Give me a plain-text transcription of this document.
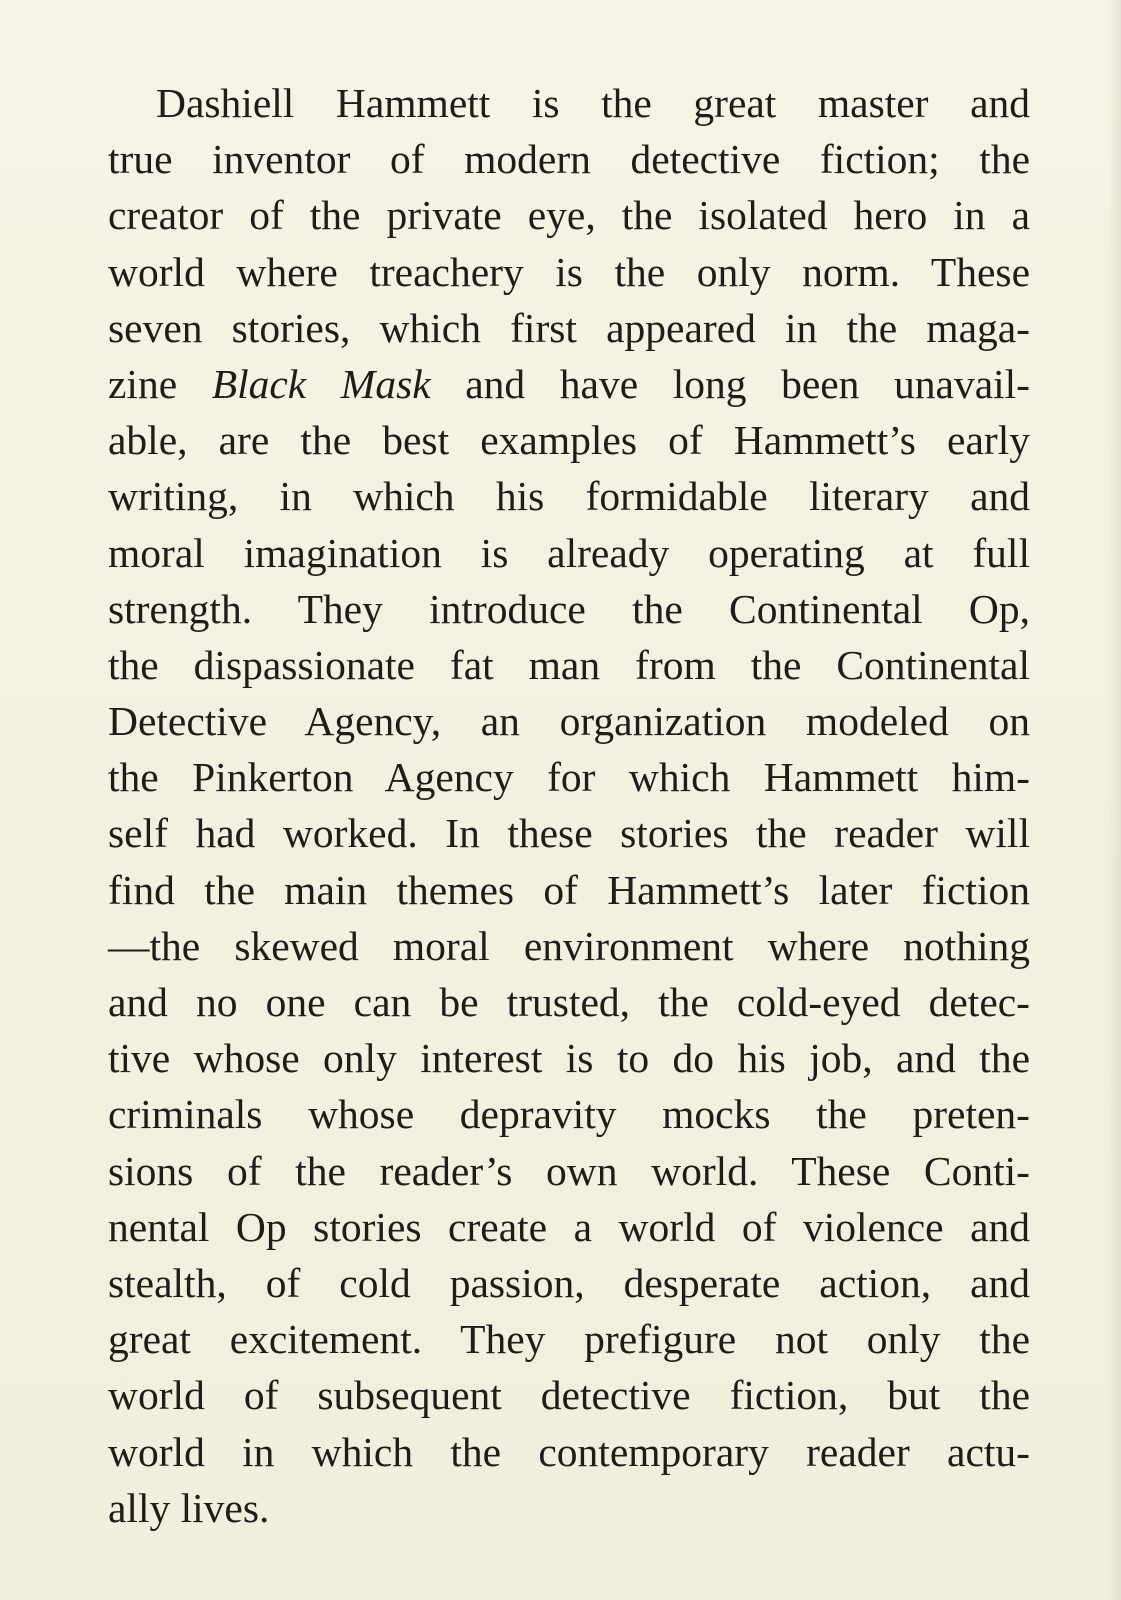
Dashiell Hammett is the great master and
true inventor of modern detective fiction; the
creator of the private eye, the isolated hero in a
world where treachery is the only norm. These
seven stories, which first appeared in the maga-
zine Black Mask and have long been unavail-
able, are the best examples of Hammett’s early
writing, in which his formidable literary and
moral imagination is already operating at full
strength. They introduce the Continental Op,
the dispassionate fat man from the Continental
Detective Agency, an organization modeled on
the Pinkerton Agency for which Hammett him-
self had worked. In these stories the reader will
find the main themes of Hammett’s later fiction
—the skewed moral environment where nothing
and no one can be trusted, the cold-eyed detec-
tive whose only interest is to do his job, and the
criminals whose depravity mocks the preten-
sions of the reader’s own world. These Conti-
nental Op stories create a world of violence and
stealth, of cold passion, desperate action, and
great excitement. They prefigure not only the
world of subsequent detective fiction, but the
world in which the contemporary reader actu-
ally lives.
